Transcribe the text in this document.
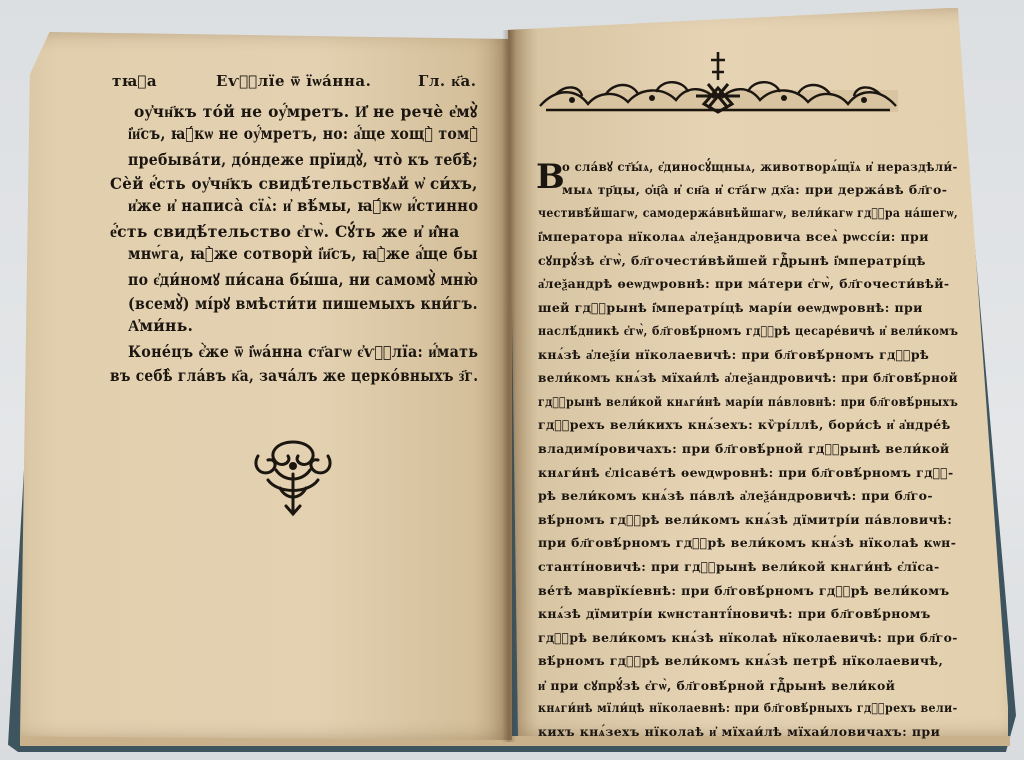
тꙗ҃а	Еѵⷢ҇лїе ѿ їѡа́нна.	Гл. к҃а.
оу҆чн҃къ то́й не оу҆́мретъ. И҆ не речѐ е҆мꙋ̀
і҆и҃съ, ꙗ҆́кѡ не оу҆́мретъ, но: а҆́ще хощꙋ̀ томꙋ̀
пребыва́ти, до́ндеже прїидꙋ̀, что̀ къ тебѣ̀;
Сѐй е҆́сть оу҆чн҃къ свидѣ́тельствꙋѧй ѡ҆ си́хъ,
и҆же и҆ написа̀ сїѧ̀: и҆ вѣ́мы, ꙗ҆́кѡ и҆́стинно
е҆́сть свидѣ́тельство є҆гѡ̀. Сꙋ́ть же и҆ и҆̑на
мнѡ́га, ꙗ҆̀же сотворѝ і҆и҃съ, ꙗ҆̀же а҆́ще бы
по є҆ди́номꙋ пи́сана бы́ша, ни самомꙋ̀ мню̀
(всемꙋ̀) мі́рꙋ вмѣсти́ти пишемыхъ кни́гъ.
А҆ми́нь.
Коне́цъ є҆̀же ѿ і҆ѡа́нна ст҃агѡ є҆ѵⷢ҇лїа: и҆́мать
въ себѣ̀ гла́въ к҃а, зача́лъ же церко́вныхъ з҃г.
В
о сла́вꙋ ст҃ы́ѧ, є҆диносꙋ́щныѧ, животворѧ́щїѧ и҆ нераздѣли́-
мыѧ тр҃цы, ѻ҆ц҃а̀ и҆ сн҃а и҆ ст҃а́гѡ дх҃а: при держа́вѣ бл҃го-
честивѣ́йшагѡ, самодержа́внѣйшагѡ, вели́кагѡ гдⷭ҇ра на́шегѡ,
і҆мператора нїколаѧ а҆леѯандровича всеѧ̀ рѡссі́и: при
сꙋпрꙋ́зѣ є҆гѡ̀, бл҃гочести́вѣйшей гдⷭ҇рынѣ і҆мператрі́цѣ
а҆леѯандрѣ ѳеѡдѡровнѣ: при ма́тери є҆гѡ̀, бл҃гочести́вѣй-
шей гдⷭ҇рынѣ і҆мператрі́цѣ марі́и ѳеѡдѡровнѣ: при
наслѣ́дникѣ є҆гѡ̀, бл҃говѣ́рномъ гдⷭ҇рѣ цесаре́вичѣ и҆ вели́комъ
кнѧ́зѣ а҆леѯі́и нїколаевичѣ: при бл҃говѣ́рномъ гдⷭ҇рѣ
вели́комъ кнѧ́зѣ мїхаи́лѣ а҆леѯандровичѣ: при бл҃говѣ́рной
гдⷭ҇рынѣ вели́кой кнѧги́нѣ марі́и па́вловнѣ: при бл҃говѣ́рныхъ
гдⷭ҇рехъ вели́кихъ кнѧ́зехъ: кѷрі́ллѣ, бори́сѣ и҆ а҆ндре́ѣ
владимі́ровичахъ: при бл҃говѣ́рной гдⷭ҇рынѣ вели́кой
кнѧги́нѣ є҆лісаве́тѣ ѳеѡдѡровнѣ: при бл҃говѣ́рномъ гдⷭ҇-
рѣ вели́комъ кнѧ́зѣ па́влѣ а҆леѯа́ндровичѣ: при бл҃го-
вѣ́рномъ гдⷭ҇рѣ вели́комъ кнѧ́зѣ дїмитрі́и па́вловичѣ:
при бл҃говѣ́рномъ гдⷭ҇рѣ вели́комъ кнѧ́зѣ нїколаѣ кѡн-
станті́новичѣ: при гдⷭ҇рынѣ вели́кой кнѧги́нѣ є҆лїса-
ве́тѣ маврїкі́евнѣ: при бл҃говѣ́рномъ гдⷭ҇рѣ вели́комъ
кнѧ́зѣ дїмитрі́и кѡнстантї́новичѣ: при бл҃говѣ́рномъ
гдⷭ҇рѣ вели́комъ кнѧ́зѣ нїколаѣ нїколаевичѣ: при бл҃го-
вѣ́рномъ гдⷭ҇рѣ вели́комъ кнѧ́зѣ петрѣ̀ нїколаевичѣ,
и҆ при сꙋпрꙋ́зѣ є҆гѡ̀, бл҃говѣ́рной гдⷭ҇рынѣ вели́кой
кнѧги́нѣ мїли́цѣ нїколаевнѣ: при бл҃говѣ́рныхъ гдⷭ҇рехъ вели-
кихъ кнѧ́зехъ нїколаѣ и҆ мїхаи́лѣ мїхаи́ловичахъ: при
